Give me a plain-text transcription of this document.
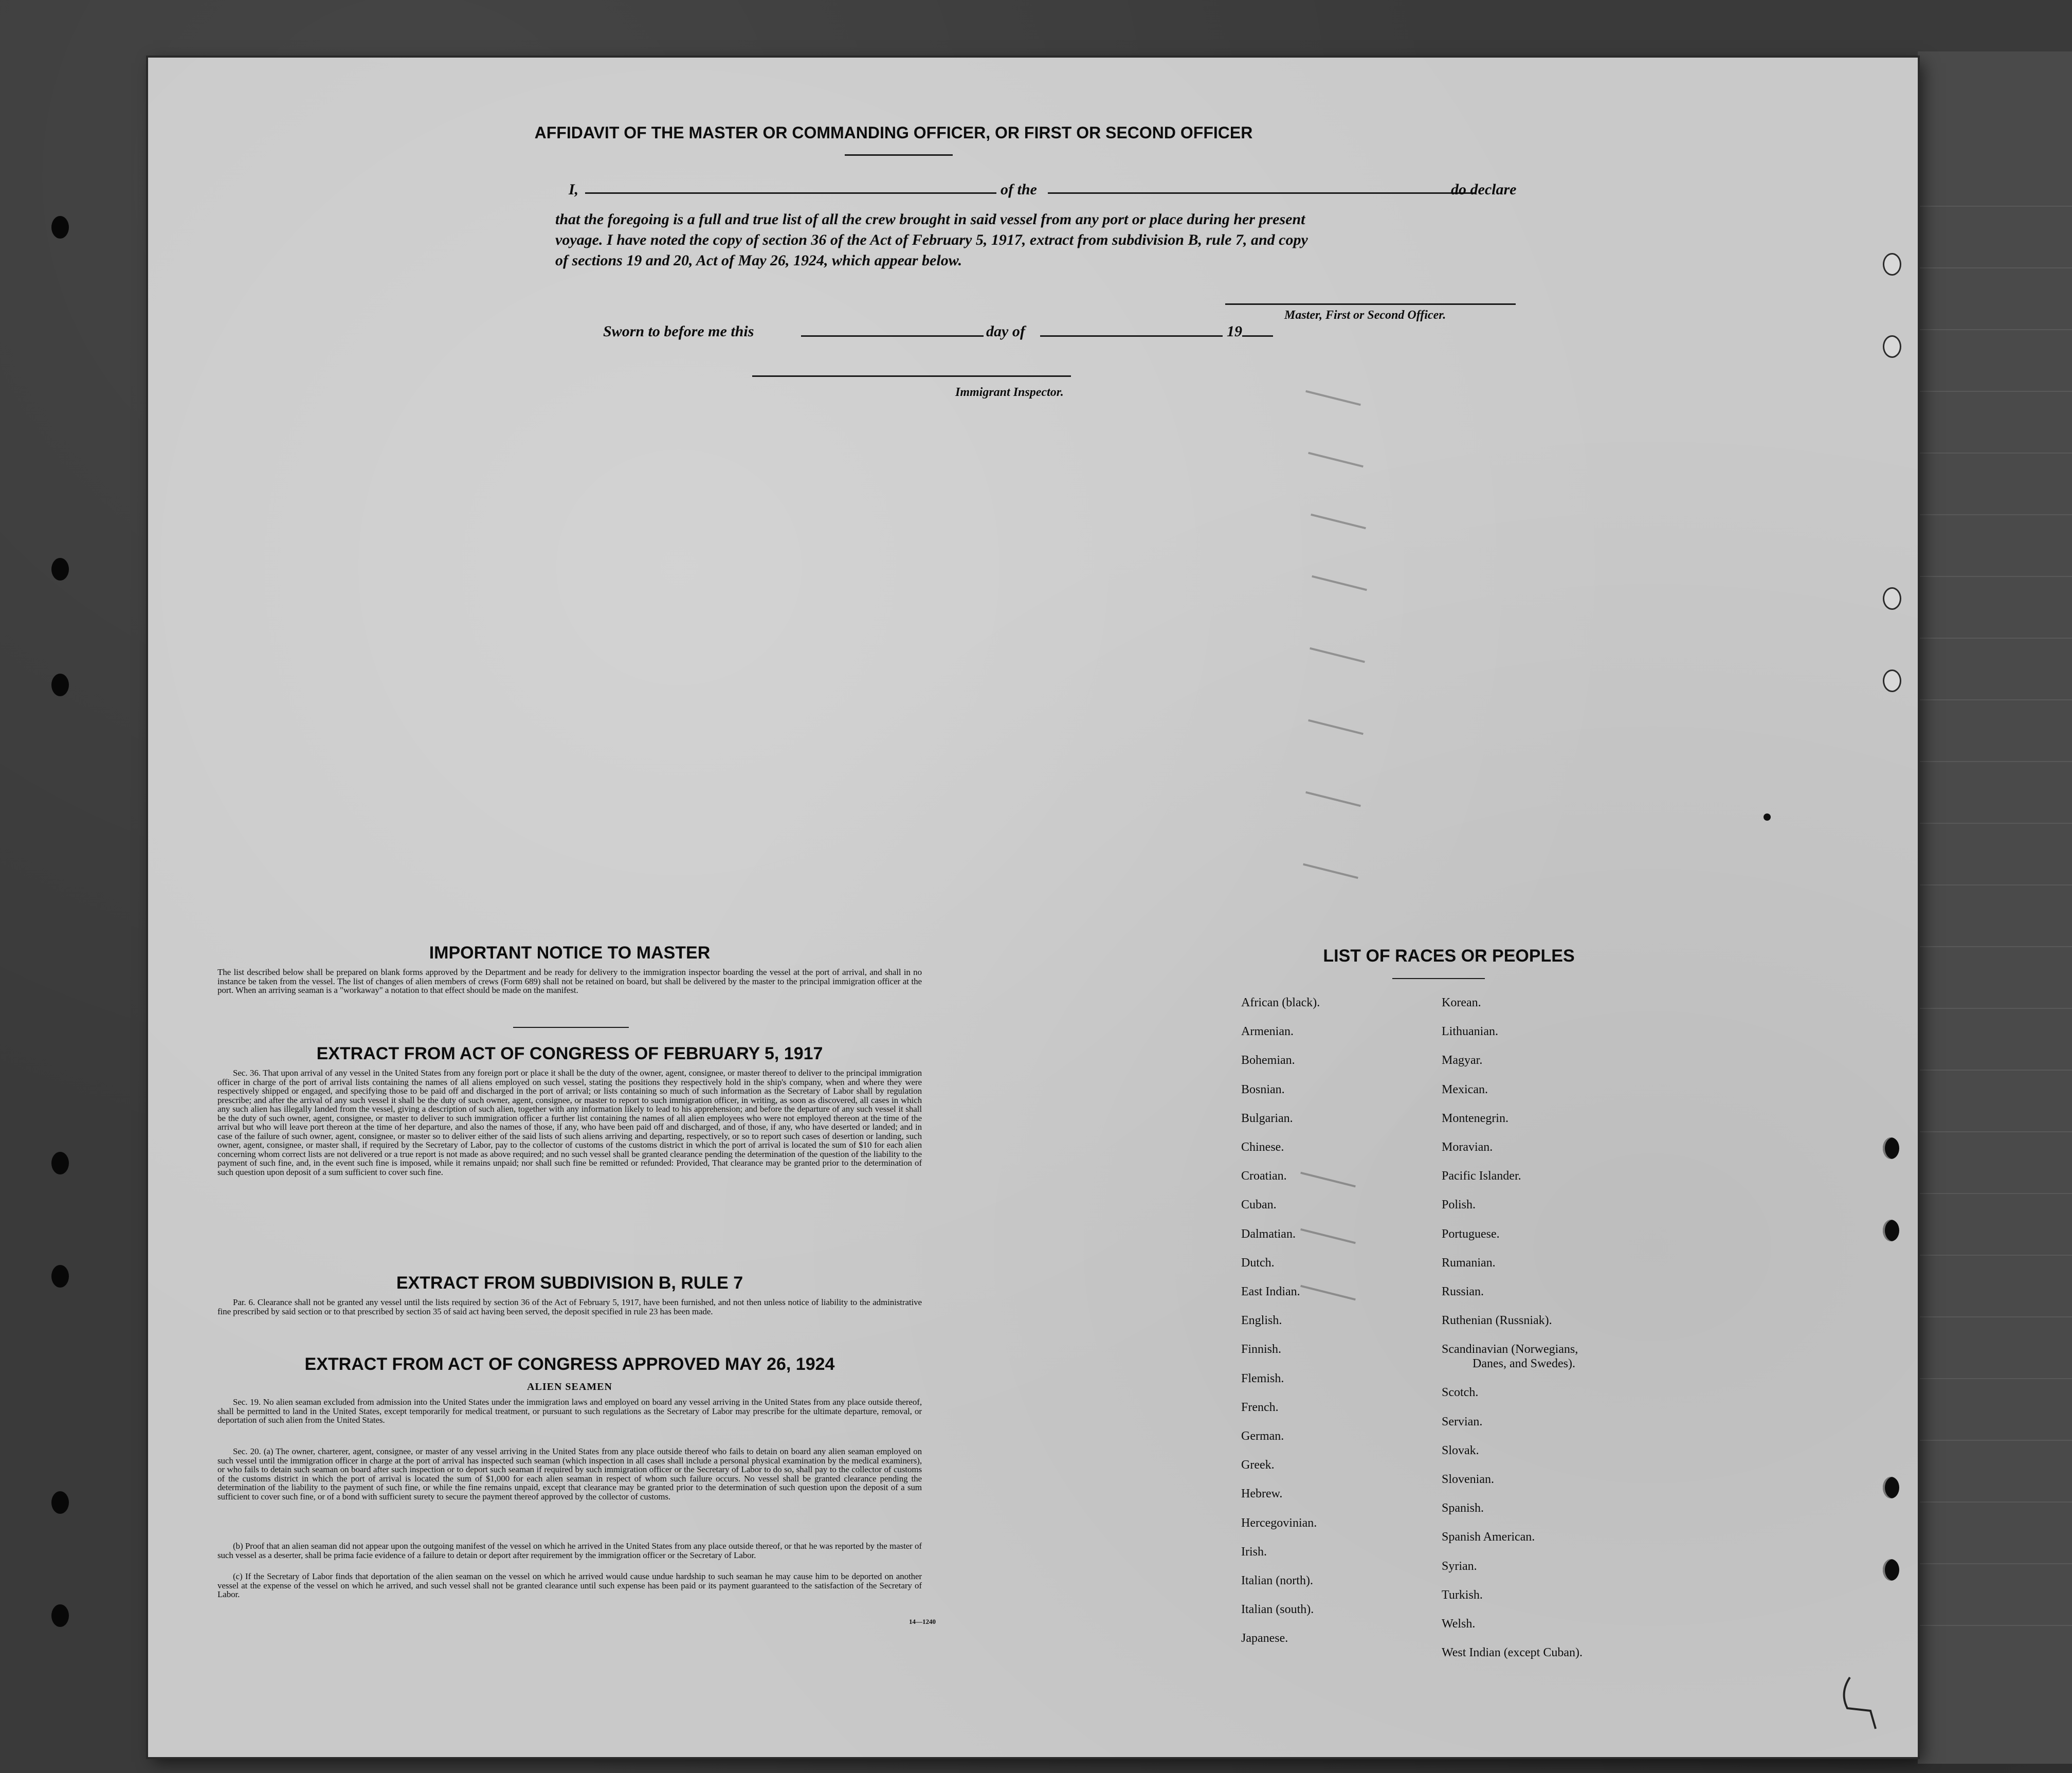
AFFIDAVIT OF THE MASTER OR COMMANDING OFFICER, OR FIRST OR SECOND OFFICER
I,	of the	do declare
that the foregoing is a full and true list of all the crew brought in said vessel from any port or place during her present
voyage. I have noted the copy of section 36 of the Act of February 5, 1917, extract from subdivision B, rule 7, and copy
of sections 19 and 20, Act of May 26, 1924, which appear below.
Master, First or Second Officer.
Sworn to before me this	day of	19
Immigrant Inspector.
IMPORTANT NOTICE TO MASTER
The list described below shall be prepared on blank forms approved by the Department and be ready for delivery to the immigration inspector boarding the vessel at the port of arrival, and shall in no instance be taken from the vessel. The list of changes of alien members of crews (Form 689) shall not be retained on board, but shall be delivered by the master to the principal immigration officer at the port. When an arriving seaman is a "workaway" a notation to that effect should be made on the manifest.
EXTRACT FROM ACT OF CONGRESS OF FEBRUARY 5, 1917
Sec. 36. That upon arrival of any vessel in the United States from any foreign port or place it shall be the duty of the owner, agent, consignee, or master thereof to deliver to the principal immigration officer in charge of the port of arrival lists containing the names of all aliens employed on such vessel, stating the positions they respectively hold in the ship's company, when and where they were respectively shipped or engaged, and specifying those to be paid off and discharged in the port of arrival; or lists containing so much of such information as the Secretary of Labor shall by regulation prescribe; and after the arrival of any such vessel it shall be the duty of such owner, agent, consignee, or master to report to such immigration officer, in writing, as soon as discovered, all cases in which any such alien has illegally landed from the vessel, giving a description of such alien, together with any information likely to lead to his apprehension; and before the departure of any such vessel it shall be the duty of such owner, agent, consignee, or master to deliver to such immigration officer a further list containing the names of all alien employees who were not employed thereon at the time of the arrival but who will leave port thereon at the time of her departure, and also the names of those, if any, who have been paid off and discharged, and of those, if any, who have deserted or landed; and in case of the failure of such owner, agent, consignee, or master so to deliver either of the said lists of such aliens arriving and departing, respectively, or so to report such cases of desertion or landing, such owner, agent, consignee, or master shall, if required by the Secretary of Labor, pay to the collector of customs of the customs district in which the port of arrival is located the sum of $10 for each alien concerning whom correct lists are not delivered or a true report is not made as above required; and no such vessel shall be granted clearance pending the determination of the question of the liability to the payment of such fine, and, in the event such fine is imposed, while it remains unpaid; nor shall such fine be remitted or refunded: Provided, That clearance may be granted prior to the determination of such question upon deposit of a sum sufficient to cover such fine.
EXTRACT FROM SUBDIVISION B, RULE 7
Par. 6. Clearance shall not be granted any vessel until the lists required by section 36 of the Act of February 5, 1917, have been furnished, and not then unless notice of liability to the administrative fine prescribed by said section or to that prescribed by section 35 of said act having been served, the deposit specified in rule 23 has been made.
EXTRACT FROM ACT OF CONGRESS APPROVED MAY 26, 1924
ALIEN SEAMEN
Sec. 19. No alien seaman excluded from admission into the United States under the immigration laws and employed on board any vessel arriving in the United States from any place outside thereof, shall be permitted to land in the United States, except temporarily for medical treatment, or pursuant to such regulations as the Secretary of Labor may prescribe for the ultimate departure, removal, or deportation of such alien from the United States.
Sec. 20. (a) The owner, charterer, agent, consignee, or master of any vessel arriving in the United States from any place outside thereof who fails to detain on board any alien seaman employed on such vessel until the immigration officer in charge at the port of arrival has inspected such seaman (which inspection in all cases shall include a personal physical examination by the medical examiners), or who fails to detain such seaman on board after such inspection or to deport such seaman if required by such immigration officer or the Secretary of Labor to do so, shall pay to the collector of customs of the customs district in which the port of arrival is located the sum of $1,000 for each alien seaman in respect of whom such failure occurs. No vessel shall be granted clearance pending the determination of the liability to the payment of such fine, or while the fine remains unpaid, except that clearance may be granted prior to the determination of such question upon the deposit of a sum sufficient to cover such fine, or of a bond with sufficient surety to secure the payment thereof approved by the collector of customs.
(b) Proof that an alien seaman did not appear upon the outgoing manifest of the vessel on which he arrived in the United States from any place outside thereof, or that he was reported by the master of such vessel as a deserter, shall be prima facie evidence of a failure to detain or deport after requirement by the immigration officer or the Secretary of Labor.
(c) If the Secretary of Labor finds that deportation of the alien seaman on the vessel on which he arrived would cause undue hardship to such seaman he may cause him to be deported on another vessel at the expense of the vessel on which he arrived, and such vessel shall not be granted clearance until such expense has been paid or its payment guaranteed to the satisfaction of the Secretary of Labor.
14—1240
LIST OF RACES OR PEOPLES
African (black).
Armenian.
Bohemian.
Bosnian.
Bulgarian.
Chinese.
Croatian.
Cuban.
Dalmatian.
Dutch.
East Indian.
English.
Finnish.
Flemish.
French.
German.
Greek.
Hebrew.
Hercegovinian.
Irish.
Italian (north).
Italian (south).
Japanese.
Korean.
Lithuanian.
Magyar.
Mexican.
Montenegrin.
Moravian.
Pacific Islander.
Polish.
Portuguese.
Rumanian.
Russian.
Ruthenian (Russniak).
Scandinavian (Norwegians,
Danes, and Swedes).
Scotch.
Servian.
Slovak.
Slovenian.
Spanish.
Spanish American.
Syrian.
Turkish.
Welsh.
West Indian (except Cuban).
